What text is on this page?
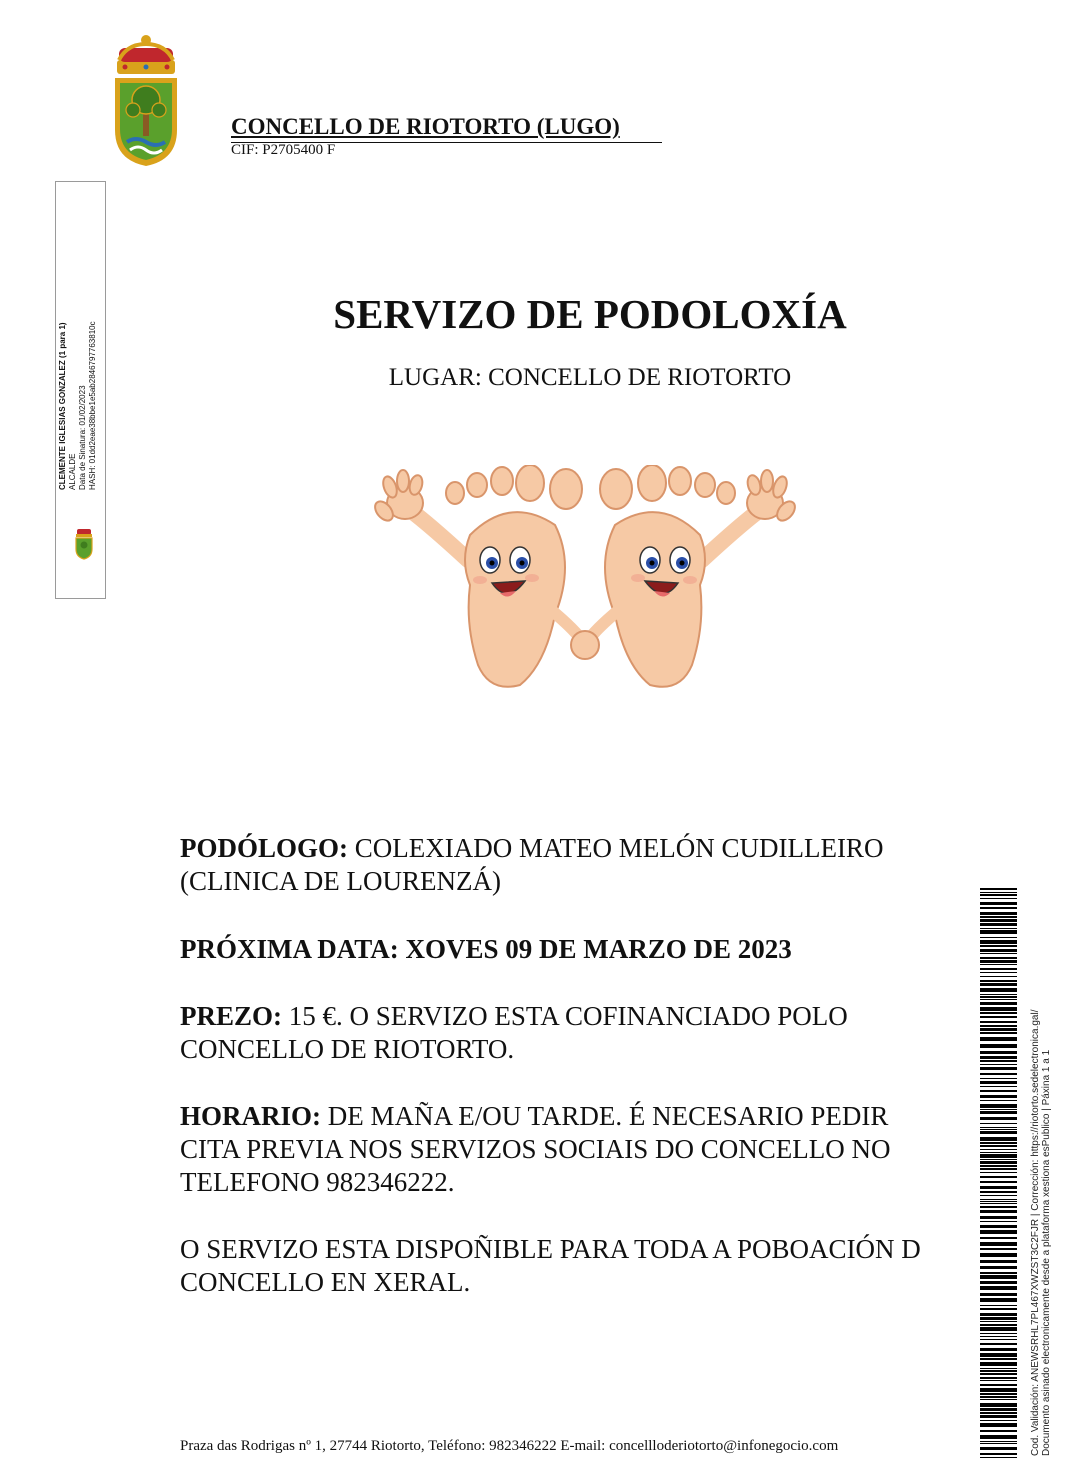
CONCELLO DE RIOTORTO (LUGO)
CIF: P2705400 F
CLEMENTE IGLESIAS GONZALEZ (1 para 1) ALCALDE Data de Sinatura: 01/02/2023 HASH: 01dd2eae38bbe1e5ab28467977638​10c
SERVIZO DE PODOLOXÍA
LUGAR: CONCELLO DE RIOTORTO
PODÓLOGO: COLEXIADO MATEO MELÓN CUDILLEIRO
(CLINICA DE LOURENZÁ)
PRÓXIMA DATA: XOVES 09 DE MARZO DE 2023
PREZO: 15 €. O SERVIZO ESTA COFINANCIADO POLO
CONCELLO DE RIOTORTO.
HORARIO: DE MAÑA E/OU TARDE. É NECESARIO PEDIR
CITA PREVIA NOS SERVIZOS SOCIAIS DO CONCELLO NO
TELEFONO 982346222.
O SERVIZO ESTA DISPOÑIBLE PARA TODA A POBOACIÓN D
CONCELLO EN XERAL.	Cod. Validación: ANEWSRHL7PL467XWZST3C2FJR | Corrección: https://riotorto.sedelectronica.gal/ Documento asinado electronicamente desde a plataforma xestiona esPublico | Páxina 1 a 1
Praza das Rodrigas nº 1, 27744 Riotorto, Teléfono: 982346222 E-mail: concellloderiotorto@infonegocio.com
